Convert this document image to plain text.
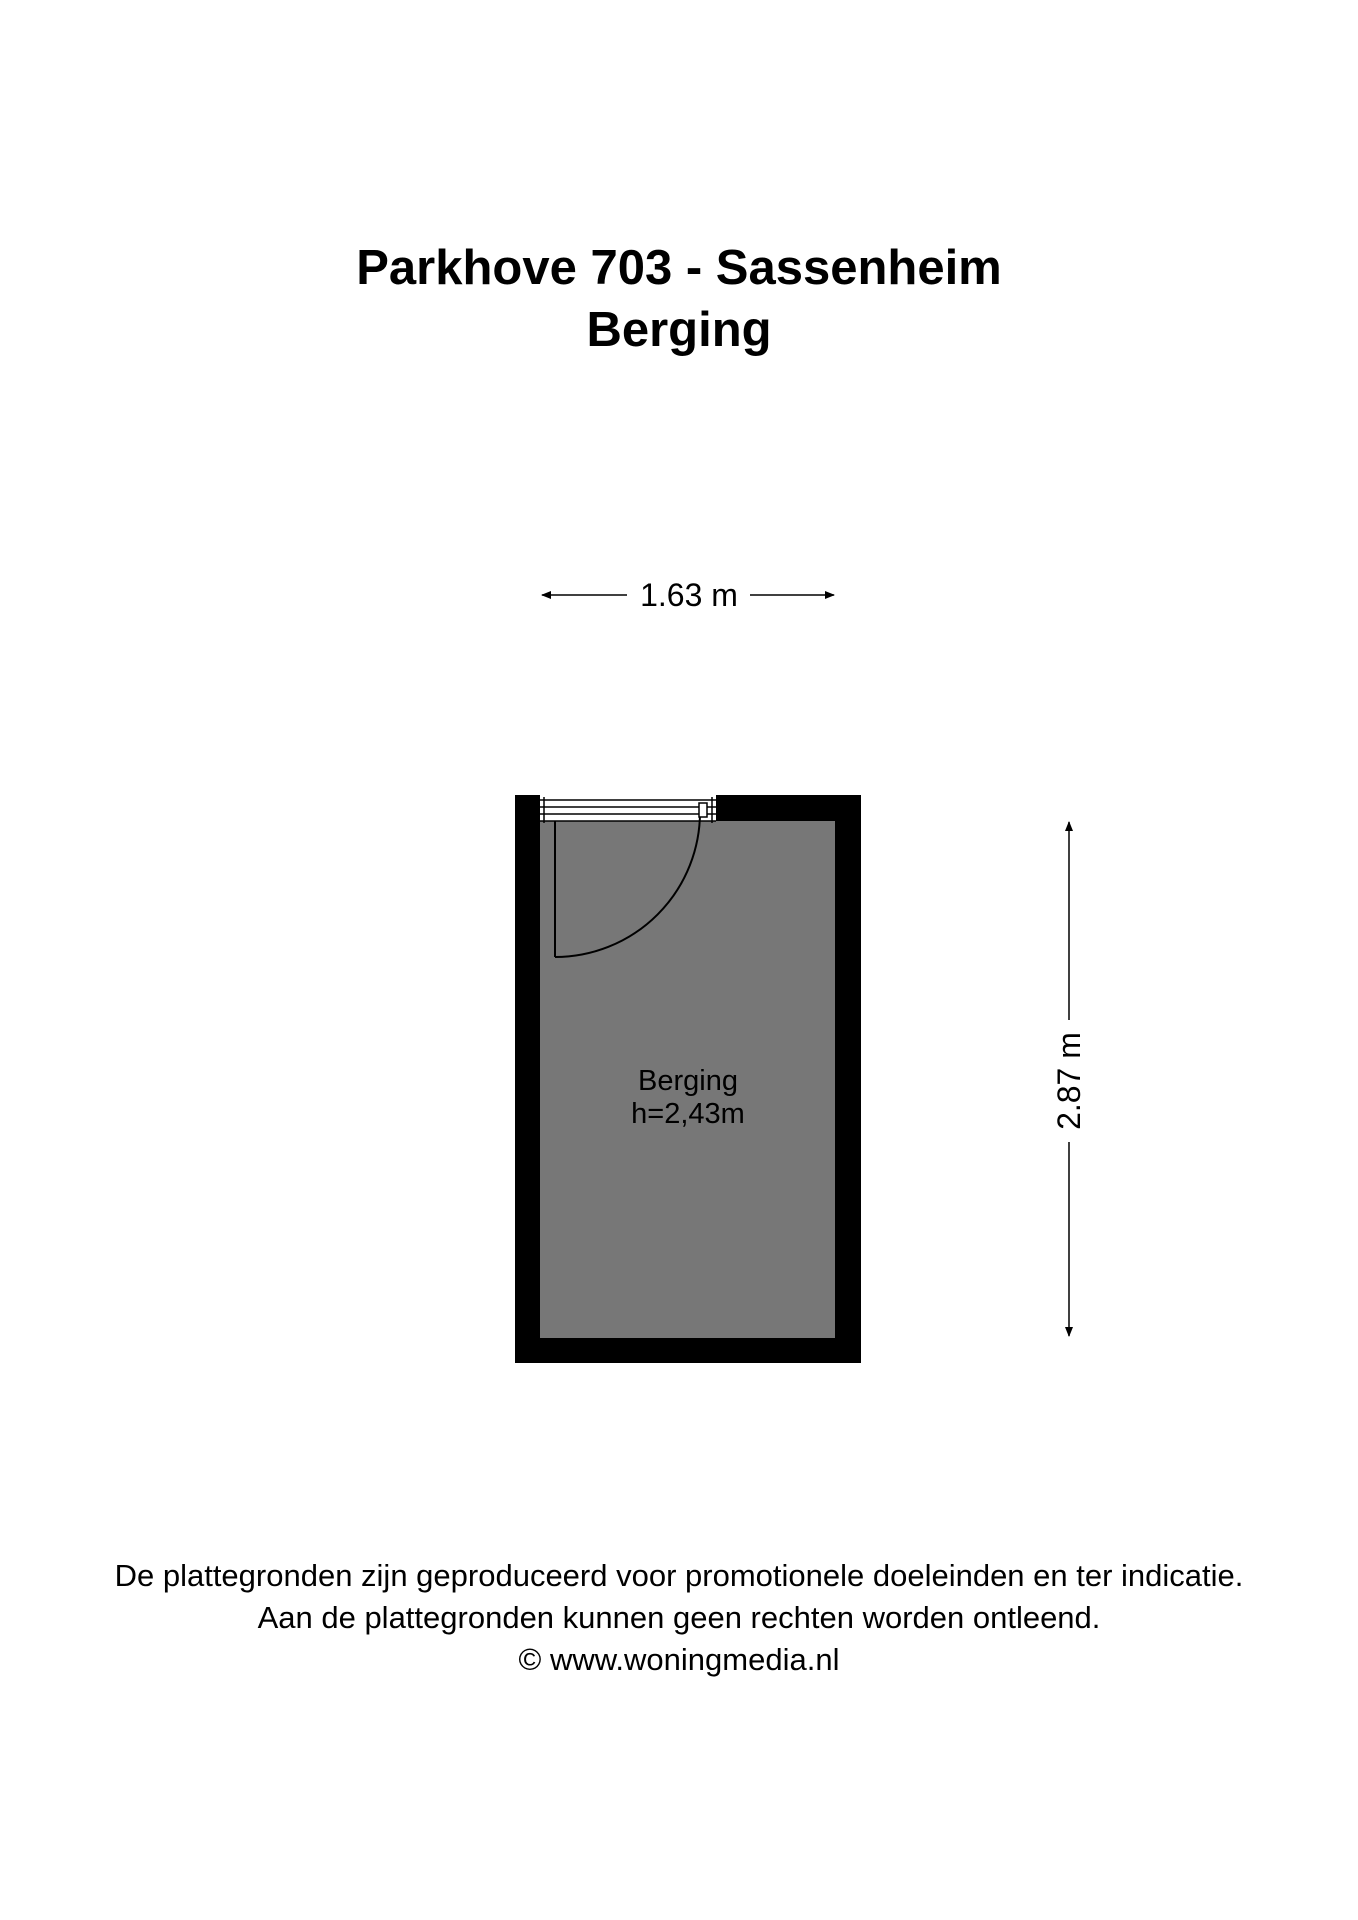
Parkhove 703 - Sassenheim
Berging
1.63 m
2.87 m
Berging
h=2,43m
De plattegronden zijn geproduceerd voor promotionele doeleinden en ter indicatie.
Aan de plattegronden kunnen geen rechten worden ontleend.
© www.woningmedia.nl
